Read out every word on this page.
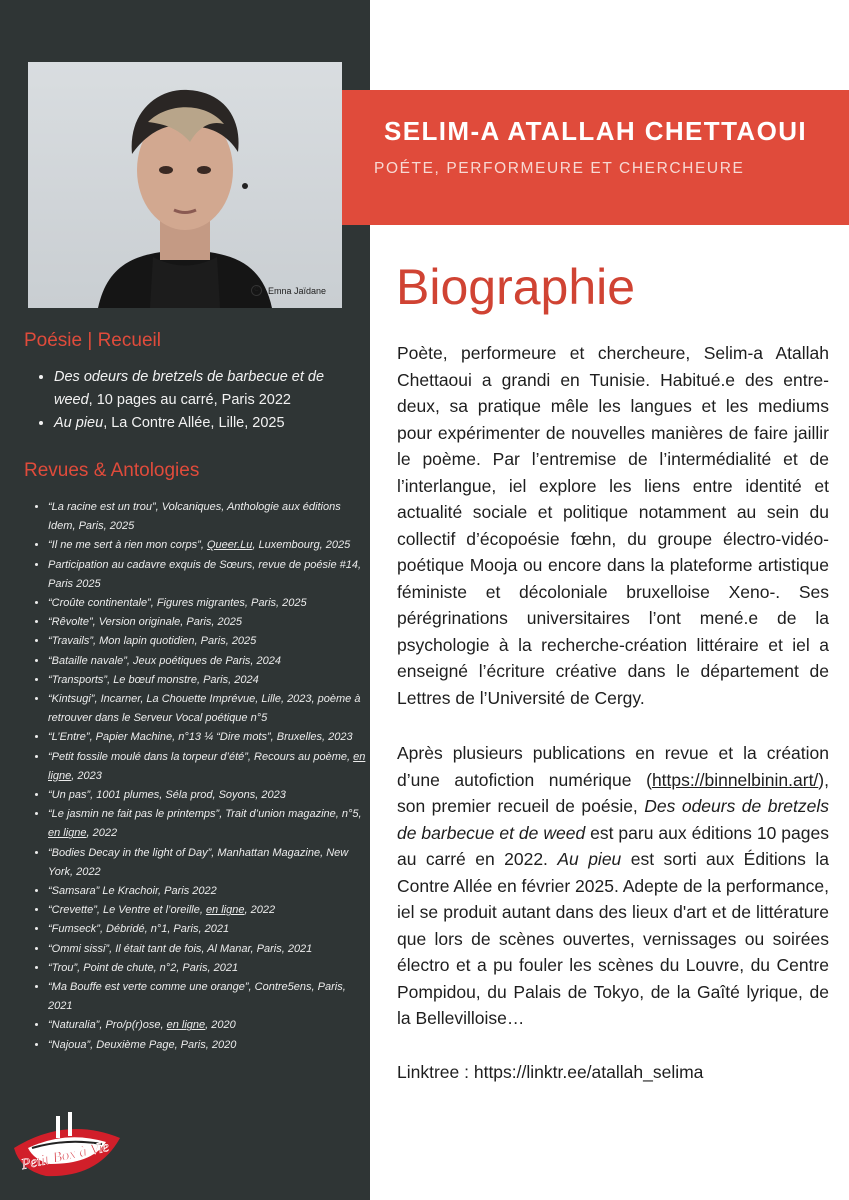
C	Emna Jaïdane
SELIM-A ATALLAH CHETTAOUI
POÉTE, PERFORMEURE ET CHERCHEURE
Poésie | Recueil
• Des odeurs de bretzels de barbecue et de weed, 10 pages au carré, Paris 2022
• Au pieu, La Contre Allée, Lille, 2025
Revues & Antologies
• “La racine est un trou”, Volcaniques, Anthologie aux éditions Idem, Paris, 2025
• “Il ne me sert à rien mon corps”, Queer.Lu, Luxembourg, 2025
• Participation au cadavre exquis de Sœurs, revue de poésie #14, Paris 2025
• “Croûte continentale”, Figures migrantes, Paris, 2025
• “Rêvolte”, Version originale, Paris, 2025
• “Travails”, Mon lapin quotidien, Paris, 2025
• “Bataille navale”, Jeux poétiques de Paris, 2024
• “Transports”, Le bœuf monstre, Paris, 2024
• “Kintsugi”, Incarner, La Chouette Imprévue, Lille, 2023, poème à retrouver dans le Serveur Vocal poétique n°5
• “L’Entre”, Papier Machine, n°13 ¼ “Dire mots”, Bruxelles, 2023
• “Petit fossile moulé dans la torpeur d’été”, Recours au poème, en ligne, 2023
• “Un pas”, 1001 plumes, Séla prod, Soyons, 2023
• “Le jasmin ne fait pas le printemps”, Trait d’union magazine, n°5, en ligne, 2022
• “Bodies Decay in the light of Day”, Manhattan Magazine, New York, 2022
• “Samsara” Le Krachoir, Paris 2022
• “Crevette”, Le Ventre et l’oreille, en ligne, 2022
• “Fumseck”, Débridé, n°1, Paris, 2021
• “Ommi sissi”, Il était tant de fois, Al Manar, Paris, 2021
• “Trou”, Point de chute, n°2, Paris, 2021
• “Ma Bouffe est verte comme une orange”, Contre5ens, Paris, 2021
• “Naturalia”, Pro/p(r)ose, en ligne, 2020
• “Najoua”, Deuxième Page, Paris, 2020
Petit Box à Vie
Biographie

Poète, performeure et chercheure, Selim-a Atallah Chettaoui a grandi en Tunisie. Habitué.e des entre-deux, sa pratique mêle les langues et les mediums pour expérimenter de nouvelles manières de faire jaillir le poème. Par l’entremise de l’intermédialité et de l’interlangue, iel explore les liens entre identité et actualité sociale et politique notamment au sein du collectif d’écopoésie fœhn, du groupe électro-vidéo-poétique Mooja ou encore dans la plateforme artistique féministe et décoloniale bruxelloise Xeno-. Ses pérégrinations universitaires l’ont mené.e de la psychologie à la recherche-création littéraire et iel a enseigné l’écriture créative dans le département de Lettres de l’Université de Cergy.

Après plusieurs publications en revue et la création d’une autofiction numérique (https://binnelbinin.art/), son premier recueil de poésie, Des odeurs de bretzels de barbecue et de weed est paru aux éditions 10 pages au carré en 2022. Au pieu est sorti aux Éditions la Contre Allée en février 2025. Adepte de la performance, iel se produit autant dans des lieux d'art et de littérature que lors de scènes ouvertes, vernissages ou soirées électro et a pu fouler les scènes du Louvre, du Centre Pompidou, du Palais de Tokyo, de la Gaîté lyrique, de la Bellevilloise…

Linktree : https://linktr.ee/atallah_selima
